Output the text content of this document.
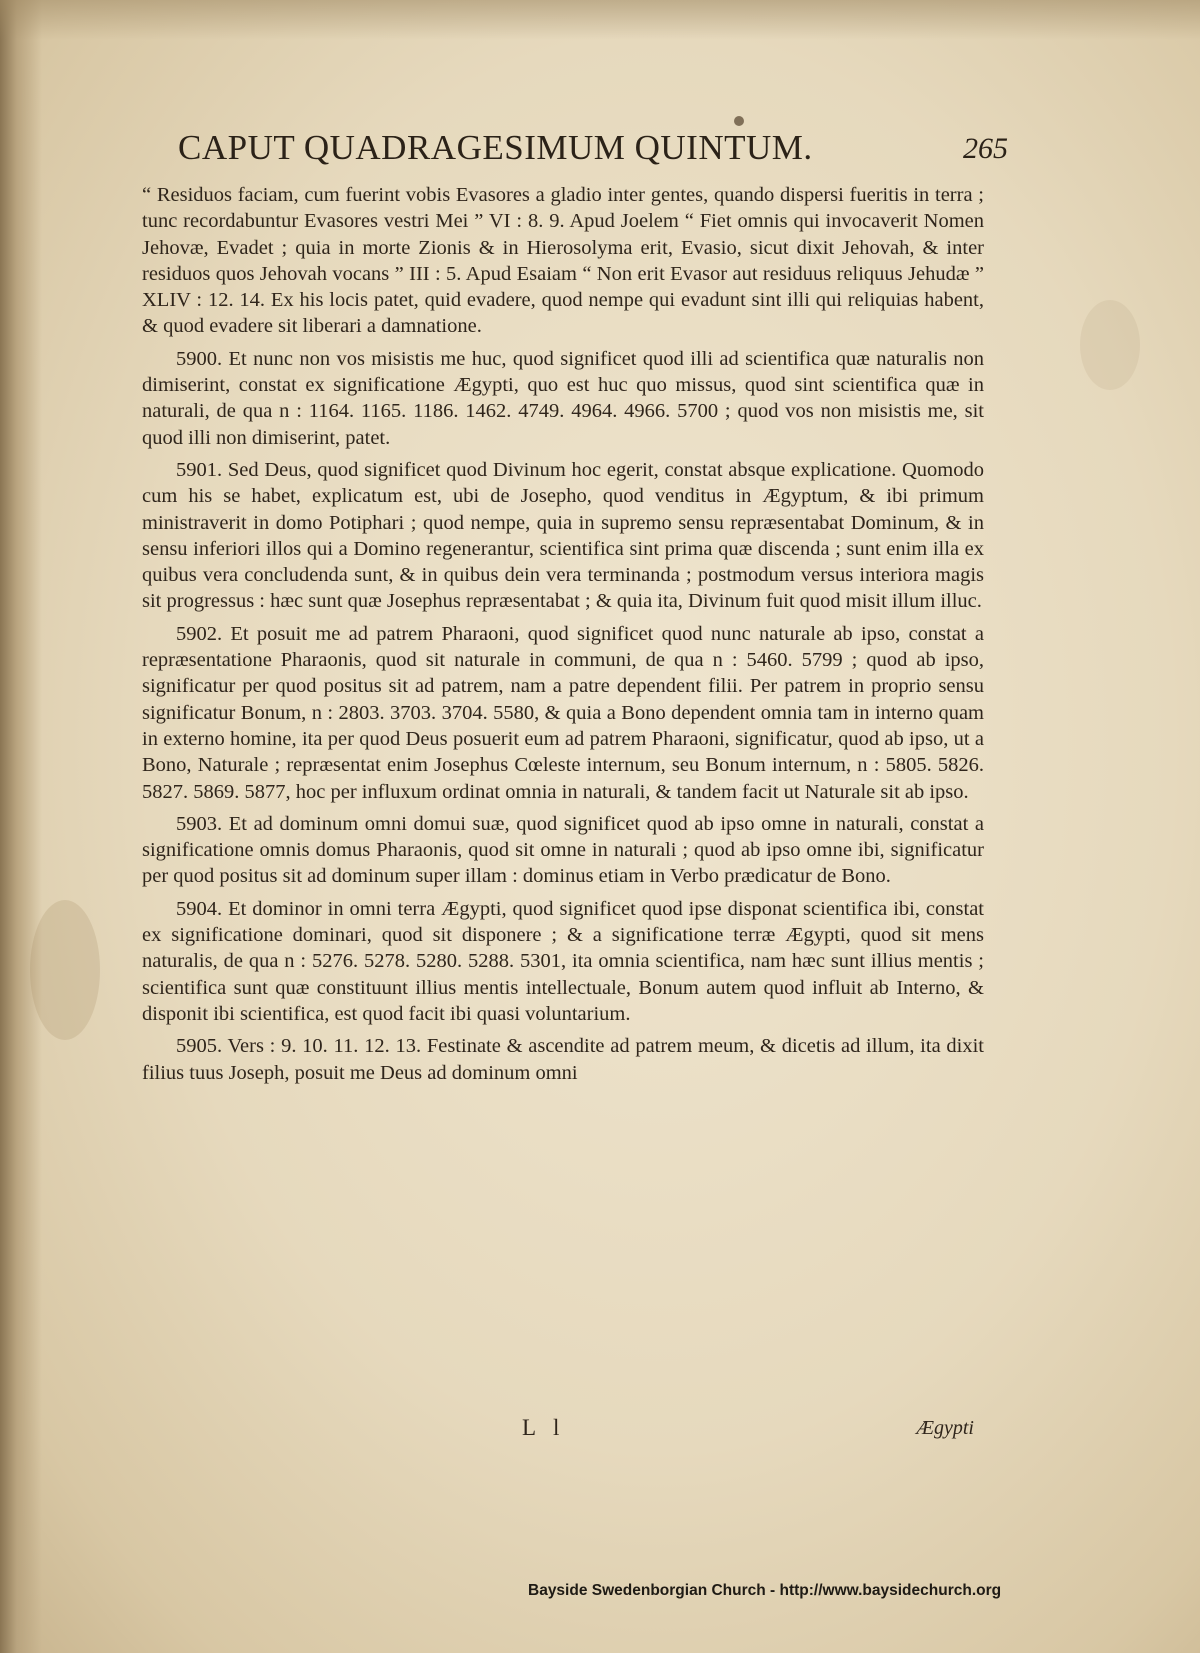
CAPUT QUADRAGESIMUM QUINTUM.	265

“ Residuos faciam, cum fuerint vobis Evasores a gladio inter gentes, quando dispersi fueritis in terra ; tunc recordabuntur Evasores vestri Mei ” VI : 8. 9. Apud Joelem “ Fiet omnis qui invocaverit Nomen Jehovæ, Evadet ; quia in morte Zionis & in Hierosolyma erit, Evasio, sicut dixit Jehovah, & inter residuos quos Jehovah vocans ” III : 5. Apud Esaiam “ Non erit Evasor aut residuus reliquus Jehudæ ” XLIV : 12. 14. Ex his locis patet, quid evadere, quod nempe qui evadunt sint illi qui reliquias habent, & quod evadere sit liberari a damnatione.

5900. Et nunc non vos misistis me huc, quod significet quod illi ad scientifica quæ naturalis non dimiserint, constat ex significatione Ægypti, quo est huc quo missus, quod sint scientifica quæ in naturali, de qua n : 1164. 1165. 1186. 1462. 4749. 4964. 4966. 5700 ; quod vos non misistis me, sit quod illi non dimiserint, patet.

5901. Sed Deus, quod significet quod Divinum hoc egerit, constat absque explicatione. Quomodo cum his se habet, explicatum est, ubi de Josepho, quod venditus in Ægyptum, & ibi primum ministraverit in domo Potiphari ; quod nempe, quia in supremo sensu repræsentabat Dominum, & in sensu inferiori illos qui a Domino regenerantur, scientifica sint prima quæ discenda ; sunt enim illa ex quibus vera concludenda sunt, & in quibus dein vera terminanda ; postmodum versus interiora magis sit progressus : hæc sunt quæ Josephus repræsentabat ; & quia ita, Divinum fuit quod misit illum illuc.

5902. Et posuit me ad patrem Pharaoni, quod significet quod nunc naturale ab ipso, constat a repræsentatione Pharaonis, quod sit naturale in communi, de qua n : 5460. 5799 ; quod ab ipso, significatur per quod positus sit ad patrem, nam a patre dependent filii. Per patrem in proprio sensu significatur Bonum, n : 2803. 3703. 3704. 5580, & quia a Bono dependent omnia tam in interno quam in externo homine, ita per quod Deus posuerit eum ad patrem Pharaoni, significatur, quod ab ipso, ut a Bono, Naturale ; repræsentat enim Josephus Cœleste internum, seu Bonum internum, n : 5805. 5826. 5827. 5869. 5877, hoc per influxum ordinat omnia in naturali, & tandem facit ut Naturale sit ab ipso.

5903. Et ad dominum omni domui suæ, quod significet quod ab ipso omne in naturali, constat a significatione omnis domus Pharaonis, quod sit omne in naturali ; quod ab ipso omne ibi, significatur per quod positus sit ad dominum super illam : dominus etiam in Verbo prædicatur de Bono.

5904. Et dominor in omni terra Ægypti, quod significet quod ipse disponat scientifica ibi, constat ex significatione dominari, quod sit disponere ; & a significatione terræ Ægypti, quod sit mens naturalis, de qua n : 5276. 5278. 5280. 5288. 5301, ita omnia scientifica, nam hæc sunt illius mentis ; scientifica sunt quæ constituunt illius mentis intellectuale, Bonum autem quod influit ab Interno, & disponit ibi scientifica, est quod facit ibi quasi voluntarium.

5905. Vers : 9. 10. 11. 12. 13. Festinate & ascendite ad patrem meum, & dicetis ad illum, ita dixit filius tuus Joseph, posuit me Deus ad dominum omni

L l	Ægypti
Bayside Swedenborgian Church - http://www.baysidechurch.org
